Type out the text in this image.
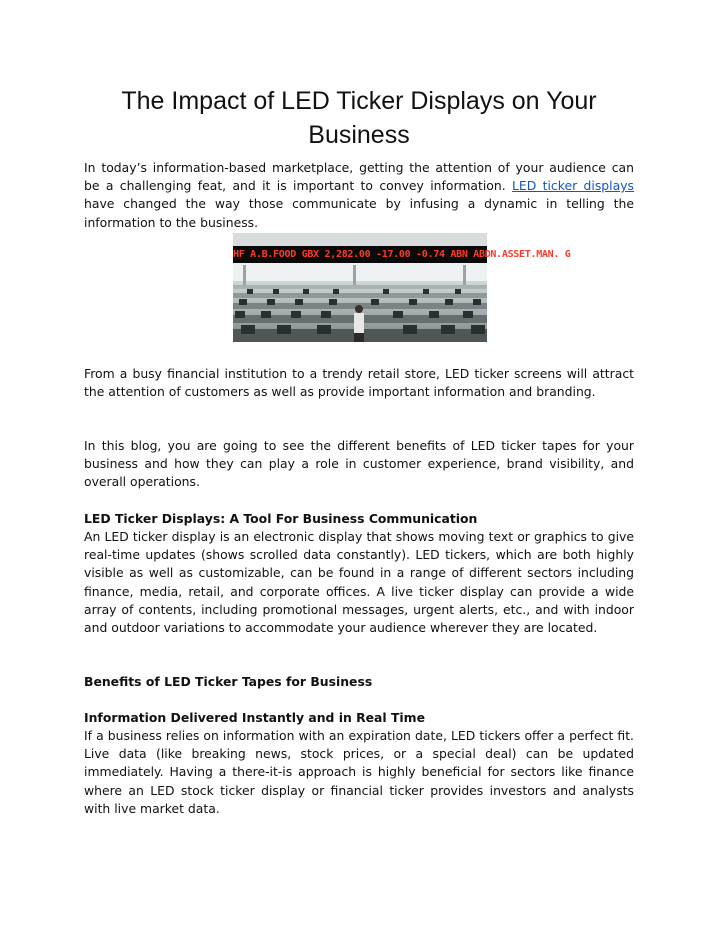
The Impact of LED Ticker Displays on Your Business

In today’s information-based marketplace, getting the attention of your audience can be a challenging feat, and it is important to convey information. LED ticker displays have changed the way those communicate by infusing a dynamic in telling the information to the business.

HF A.B.FOOD GBX 2,282.00 -17.00 -0.74 ABN ABDN.ASSET.MAN. G

From a busy financial institution to a trendy retail store, LED ticker screens will attract the attention of customers as well as provide important information and branding.

In this blog, you are going to see the different benefits of LED ticker tapes for your business and how they can play a role in customer experience, brand visibility, and overall operations.

LED Ticker Displays: A Tool For Business Communication

An LED ticker display is an electronic display that shows moving text or graphics to give real-time updates (shows scrolled data constantly). LED tickers, which are both highly visible as well as customizable, can be found in a range of different sectors including finance, media, retail, and corporate offices. A live ticker display can provide a wide array of contents, including promotional messages, urgent alerts, etc., and with indoor and outdoor variations to accommodate your audience wherever they are located.

Benefits of LED Ticker Tapes for Business
Information Delivered Instantly and in Real Time

If a business relies on information with an expiration date, LED tickers offer a perfect fit. Live data (like breaking news, stock prices, or a special deal) can be updated immediately. Having a there-it-is approach is highly beneficial for sectors like finance where an LED stock ticker display or financial ticker provides investors and analysts with live market data.
